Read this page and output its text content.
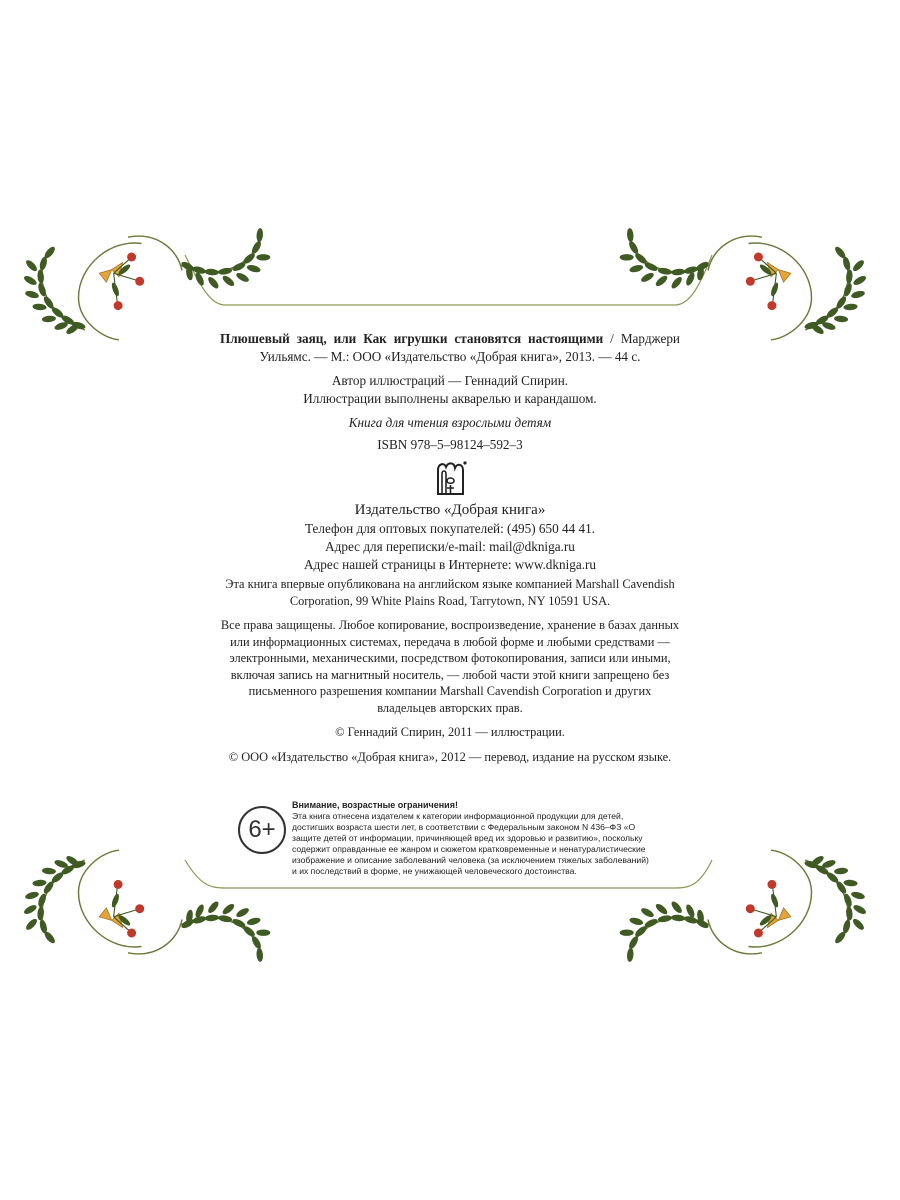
Плюшевый заяц, или Как игрушки становятся настоящими / Марджери Уильямс. — М.: ООО «Издательство «Добрая книга», 2013. — 44 с.

Автор иллюстраций — Геннадий Спирин.

Иллюстрации выполнены акварелью и карандашом.

Книга для чтения взрослыми детям

ISBN 978–5–98124–592–3

Издательство «Добрая книга»

Телефон для оптовых покупателей: (495) 650 44 41.

Адрес для переписки/e-mail: mail@dkniga.ru

Адрес нашей страницы в Интернете: www.dkniga.ru

Эта книга впервые опубликована на английском языке компанией Marshall Cavendish Corporation, 99 White Plains Road, Tarrytown, NY 10591 USA.

Все права защищены. Любое копирование, воспроизведение, хранение в базах данных или информационных системах, передача в любой форме и любыми средствами — электронными, механическими, посредством фотокопирования, записи или иными, включая запись на магнитный носитель, — любой части этой книги запрещено без письменного разрешения компании Marshall Cavendish Corporation и других владельцев авторских прав.

© Геннадий Спирин, 2011 — иллюстрации.

© ООО «Издательство «Добрая книга», 2012 — перевод, издание на русском языке.

6+
Внимание, возрастные ограничения!
Эта книга отнесена издателем к категории информационной продукции для детей, достигших возраста шести лет, в соответствии с Федеральным законом N 436–ФЗ «О защите детей от информации, причиняющей вред их здоровью и развитию», поскольку содержит оправданные ее жанром и сюжетом кратковременные и ненатуралистические изображение и описание заболеваний человека (за исключением тяжелых заболеваний) и их последствий в форме, не унижающей человеческого достоинства.
